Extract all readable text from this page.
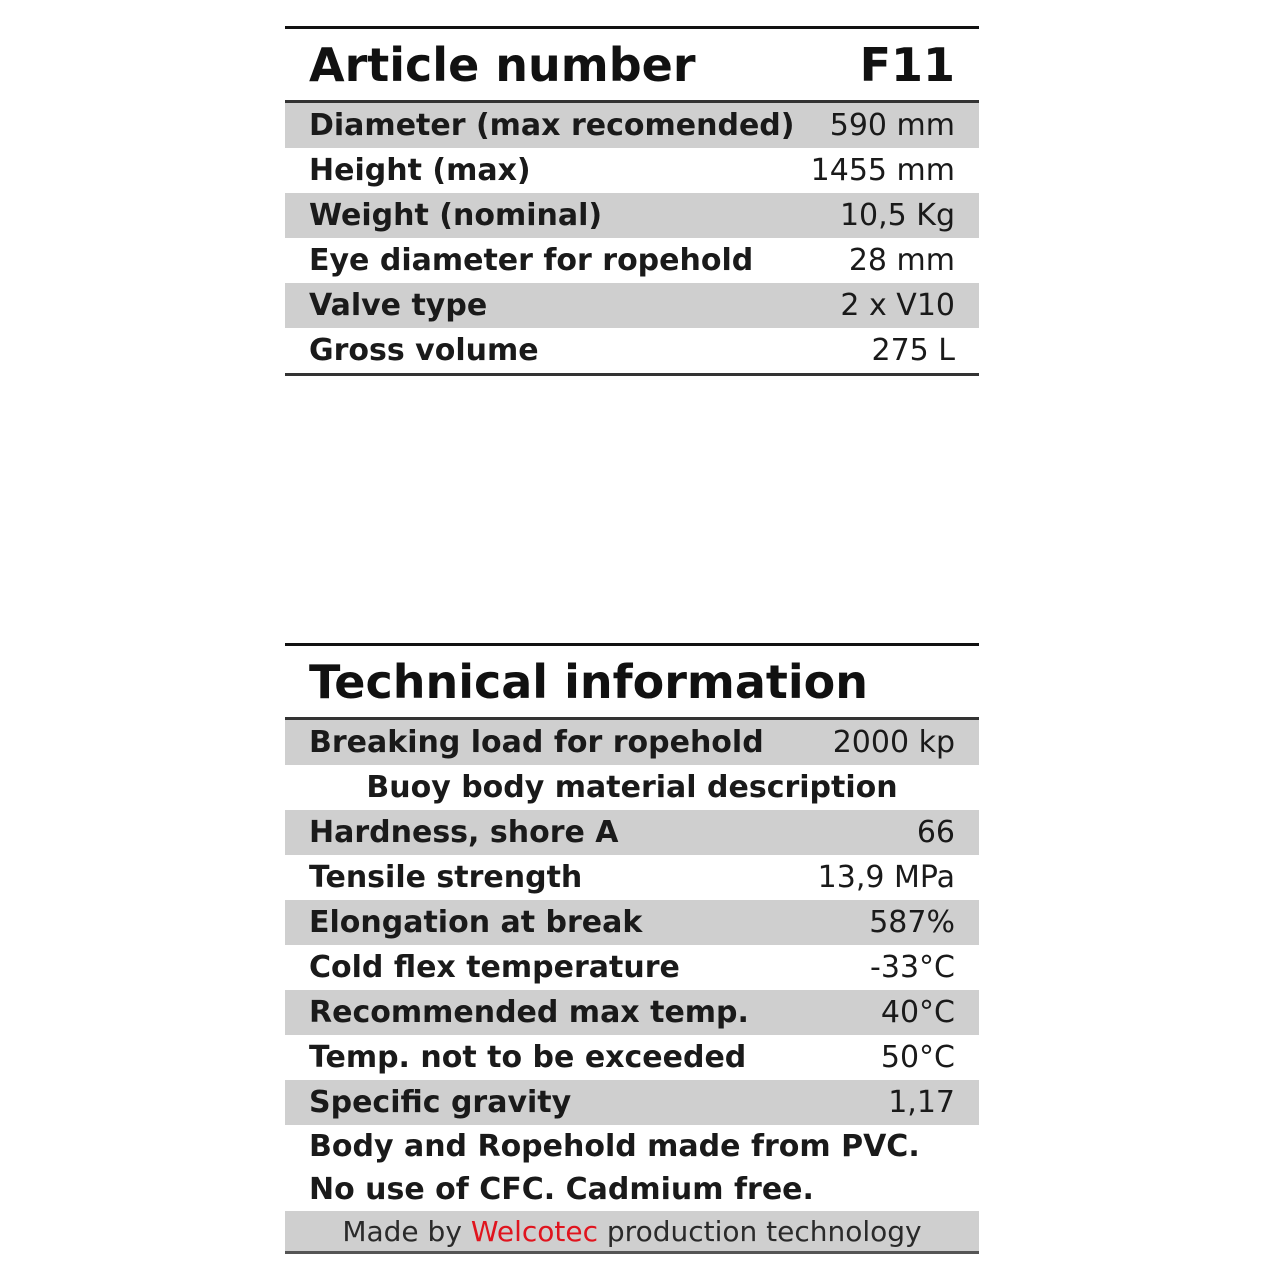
Article number	F11
Diameter (max recomended) 590 mm
Height (max)	1455 mm
Weight (nominal)	10,5 Kg
Eye diameter for ropehold	28 mm
Valve type	2 x V10
Gross volume	275 L
Technical information
Breaking load for ropehold 2000 kp
Buoy body material description
Hardness, shore A	66
Tensile strength	13,9 MPa
Elongation at break	587%
Cold flex temperature	-33°C
Recommended max temp.	40°C
Temp. not to be exceeded	50°C
Specific gravity	1,17
Body and Ropehold made from PVC.
No use of CFC. Cadmium free.
Made by Welcotec production technology
